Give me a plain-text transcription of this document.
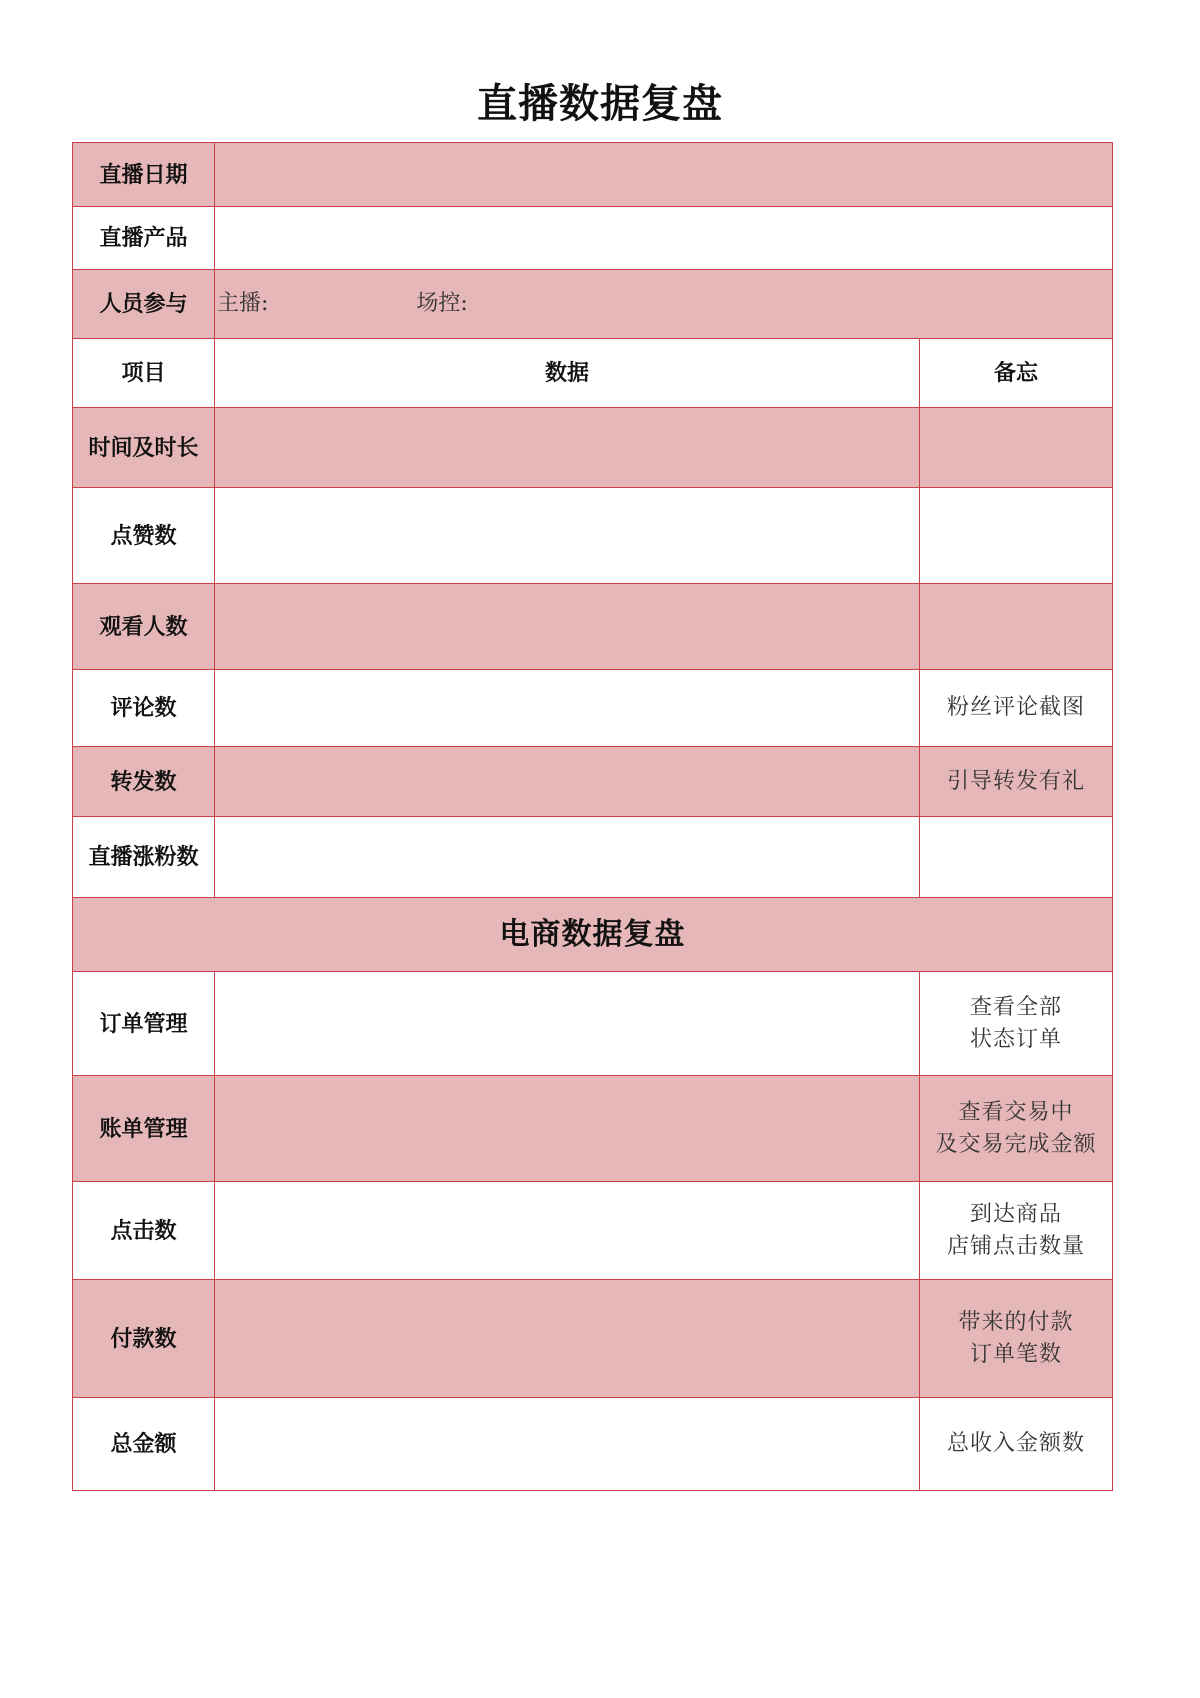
直播数据复盘
直播日期		
直播产品		
人员参与	主播: 场控:	
项目	数据	备忘
时间及时长		
点赞数		
观看人数		
评论数		粉丝评论截图
转发数		引导转发有礼
直播涨粉数		
电商数据复盘		
订单管理		查看全部
状态订单

账单管理		查看交易中
及交易完成金额

点击数		到达商品
店铺点击数量

付款数		带来的付款
订单笔数

总金额		总收入金额数
